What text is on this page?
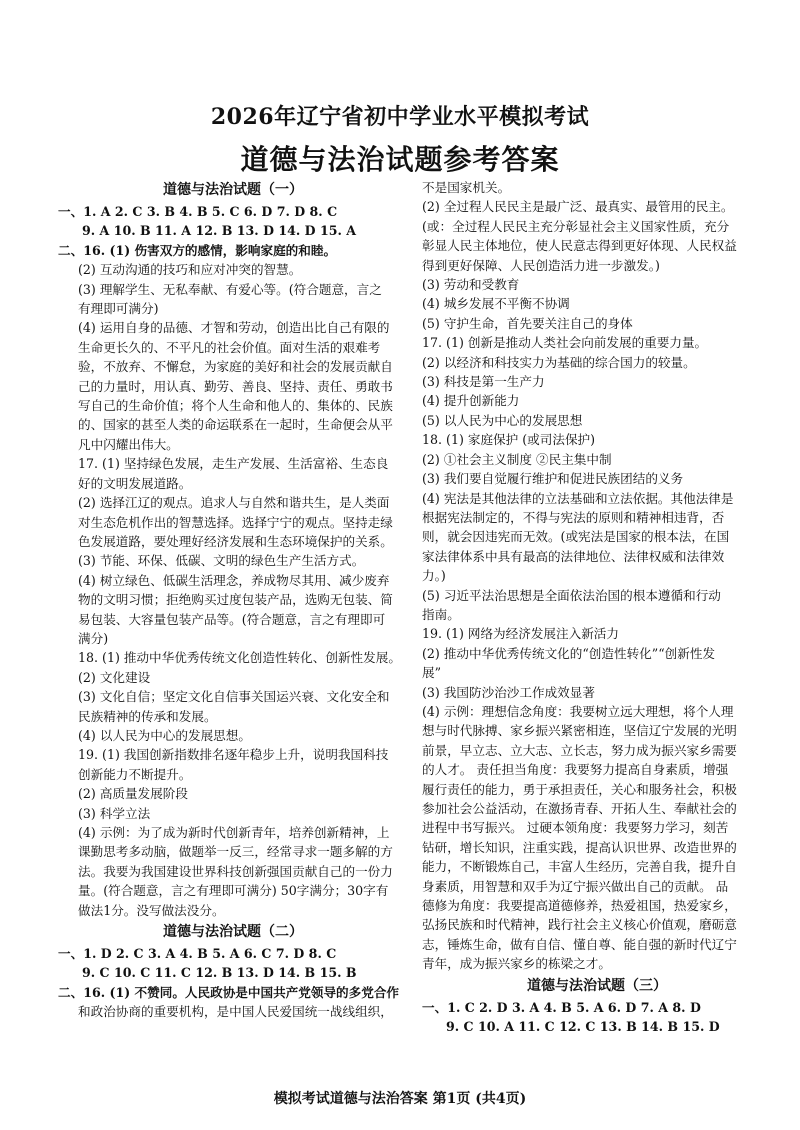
2026年辽宁省初中学业水平模拟考试
道德与法治试题参考答案
道德与法治试题（一）
一、1. A 2. C 3. B 4. B 5. C 6. D 7. D 8. C
9. A 10. B 11. A 12. B 13. D 14. D 15. A
二、16. (1) 伤害双方的感情，影响家庭的和睦。
(2) 互动沟通的技巧和应对冲突的智慧。
(3) 理解学生、无私奉献、有爱心等。(符合题意，言之
有理即可满分)
(4) 运用自身的品德、才智和劳动，创造出比自己有限的
生命更长久的、不平凡的社会价值。面对生活的艰难考
验，不放弃、不懈怠，为家庭的美好和社会的发展贡献自
己的力量时，用认真、勤劳、善良、坚持、责任、勇敢书
写自己的生命价值；将个人生命和他人的、集体的、民族
的、国家的甚至人类的命运联系在一起时，生命便会从平
凡中闪耀出伟大。
17. (1) 坚持绿色发展，走生产发展、生活富裕、生态良
好的文明发展道路。
(2) 选择江辽的观点。追求人与自然和谐共生，是人类面
对生态危机作出的智慧选择。选择宁宁的观点。坚持走绿
色发展道路，要处理好经济发展和生态环境保护的关系。
(3) 节能、环保、低碳、文明的绿色生产生活方式。
(4) 树立绿色、低碳生活理念，养成物尽其用、减少废弃
物的文明习惯；拒绝购买过度包装产品，选购无包装、简
易包装、大容量包装产品等。(符合题意，言之有理即可
满分)
18. (1) 推动中华优秀传统文化创造性转化、创新性发展。
(2) 文化建设
(3) 文化自信；坚定文化自信事关国运兴衰、文化安全和
民族精神的传承和发展。
(4) 以人民为中心的发展思想。
19. (1) 我国创新指数排名逐年稳步上升，说明我国科技
创新能力不断提升。
(2) 高质量发展阶段
(3) 科学立法
(4) 示例：为了成为新时代创新青年，培养创新精神，上
课勤思考多动脑，做题举一反三，经常寻求一题多解的方
法。我要为我国建设世界科技创新强国贡献自己的一份力
量。(符合题意，言之有理即可满分) 50字满分；30字有
做法1分。没写做法没分。
道德与法治试题（二）
一、1. D 2. C 3. A 4. B 5. A 6. C 7. D 8. C
9. C 10. C 11. C 12. B 13. D 14. B 15. B
二、16. (1) 不赞同。人民政协是中国共产党领导的多党合作
和政治协商的重要机构，是中国人民爱国统一战线组织，
不是国家机关。
(2) 全过程人民民主是最广泛、最真实、最管用的民主。
(或：全过程人民民主充分彰显社会主义国家性质，充分
彰显人民主体地位，使人民意志得到更好体现、人民权益
得到更好保障、人民创造活力进一步激发。)
(3) 劳动和受教育
(4) 城乡发展不平衡不协调
(5) 守护生命，首先要关注自己的身体
17. (1) 创新是推动人类社会向前发展的重要力量。
(2) 以经济和科技实力为基础的综合国力的较量。
(3) 科技是第一生产力
(4) 提升创新能力
(5) 以人民为中心的发展思想
18. (1) 家庭保护 (或司法保护)
(2) ①社会主义制度 ②民主集中制
(3) 我们要自觉履行维护和促进民族团结的义务
(4) 宪法是其他法律的立法基础和立法依据。其他法律是
根据宪法制定的，不得与宪法的原则和精神相违背，否
则，就会因违宪而无效。(或宪法是国家的根本法，在国
家法律体系中具有最高的法律地位、法律权威和法律效
力。)
(5) 习近平法治思想是全面依法治国的根本遵循和行动
指南。
19. (1) 网络为经济发展注入新活力
(2) 推动中华优秀传统文化的“创造性转化”“创新性发
展”
(3) 我国防沙治沙工作成效显著
(4) 示例：理想信念角度：我要树立远大理想，将个人理
想与时代脉搏、家乡振兴紧密相连，坚信辽宁发展的光明
前景，早立志、立大志、立长志，努力成为振兴家乡需要
的人才。 责任担当角度：我要努力提高自身素质，增强
履行责任的能力，勇于承担责任，关心和服务社会，积极
参加社会公益活动，在激扬青春、开拓人生、奉献社会的
进程中书写振兴。 过硬本领角度：我要努力学习，刻苦
钻研，增长知识，注重实践，提高认识世界、改造世界的
能力，不断锻炼自己，丰富人生经历，完善自我，提升自
身素质，用智慧和双手为辽宁振兴做出自己的贡献。 品
德修为角度：我要提高道德修养，热爱祖国，热爱家乡，
弘扬民族和时代精神，践行社会主义核心价值观，磨砺意
志，锤炼生命，做有自信、懂自尊、能自强的新时代辽宁
青年，成为振兴家乡的栋梁之才。
道德与法治试题（三）
一、1. C 2. D 3. A 4. B 5. A 6. D 7. A 8. D
9. C 10. A 11. C 12. C 13. B 14. B 15. D
模拟考试道德与法治答案 第1页 (共4页)
